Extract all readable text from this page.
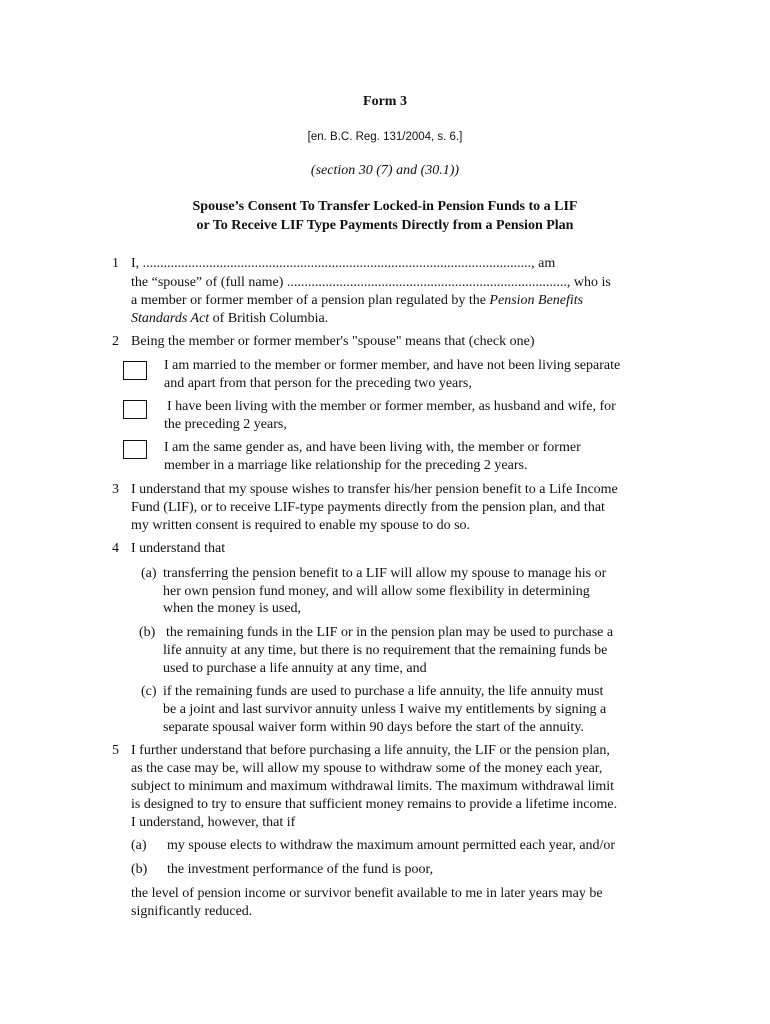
Form 3
[en. B.C. Reg. 131/2004, s. 6.]
(section 30 (7) and (30.1))
Spouse’s Consent To Transfer Locked-in Pension Funds to a LIF
or To Receive LIF Type Payments Directly from a Pension Plan
1 I, ..............................................................................................................., am
the “spouse” of (full name) ................................................................................, who is
a member or former member of a pension plan regulated by the Pension Benefits
Standards Act of British Columbia.
2 Being the member or former member's "spouse" means that (check one)
I am married to the member or former member, and have not been living separate
and apart from that person for the preceding two years,
I have been living with the member or former member, as husband and wife, for
the preceding 2 years,
I am the same gender as, and have been living with, the member or former
member in a marriage like relationship for the preceding 2 years.
3 I understand that my spouse wishes to transfer his/her pension benefit to a Life Income
Fund (LIF), or to receive LIF-type payments directly from the pension plan, and that
my written consent is required to enable my spouse to do so.
4 I understand that
(a) transferring the pension benefit to a LIF will allow my spouse to manage his or
her own pension fund money, and will allow some flexibility in determining
when the money is used,
(b) the remaining funds in the LIF or in the pension plan may be used to purchase a
life annuity at any time, but there is no requirement that the remaining funds be
used to purchase a life annuity at any time, and
(c) if the remaining funds are used to purchase a life annuity, the life annuity must
be a joint and last survivor annuity unless I waive my entitlements by signing a
separate spousal waiver form within 90 days before the start of the annuity.
5 I further understand that before purchasing a life annuity, the LIF or the pension plan,
as the case may be, will allow my spouse to withdraw some of the money each year,
subject to minimum and maximum withdrawal limits. The maximum withdrawal limit
is designed to try to ensure that sufficient money remains to provide a lifetime income.
I understand, however, that if
(a) my spouse elects to withdraw the maximum amount permitted each year, and/or
(b) the investment performance of the fund is poor,
the level of pension income or survivor benefit available to me in later years may be
significantly reduced.
